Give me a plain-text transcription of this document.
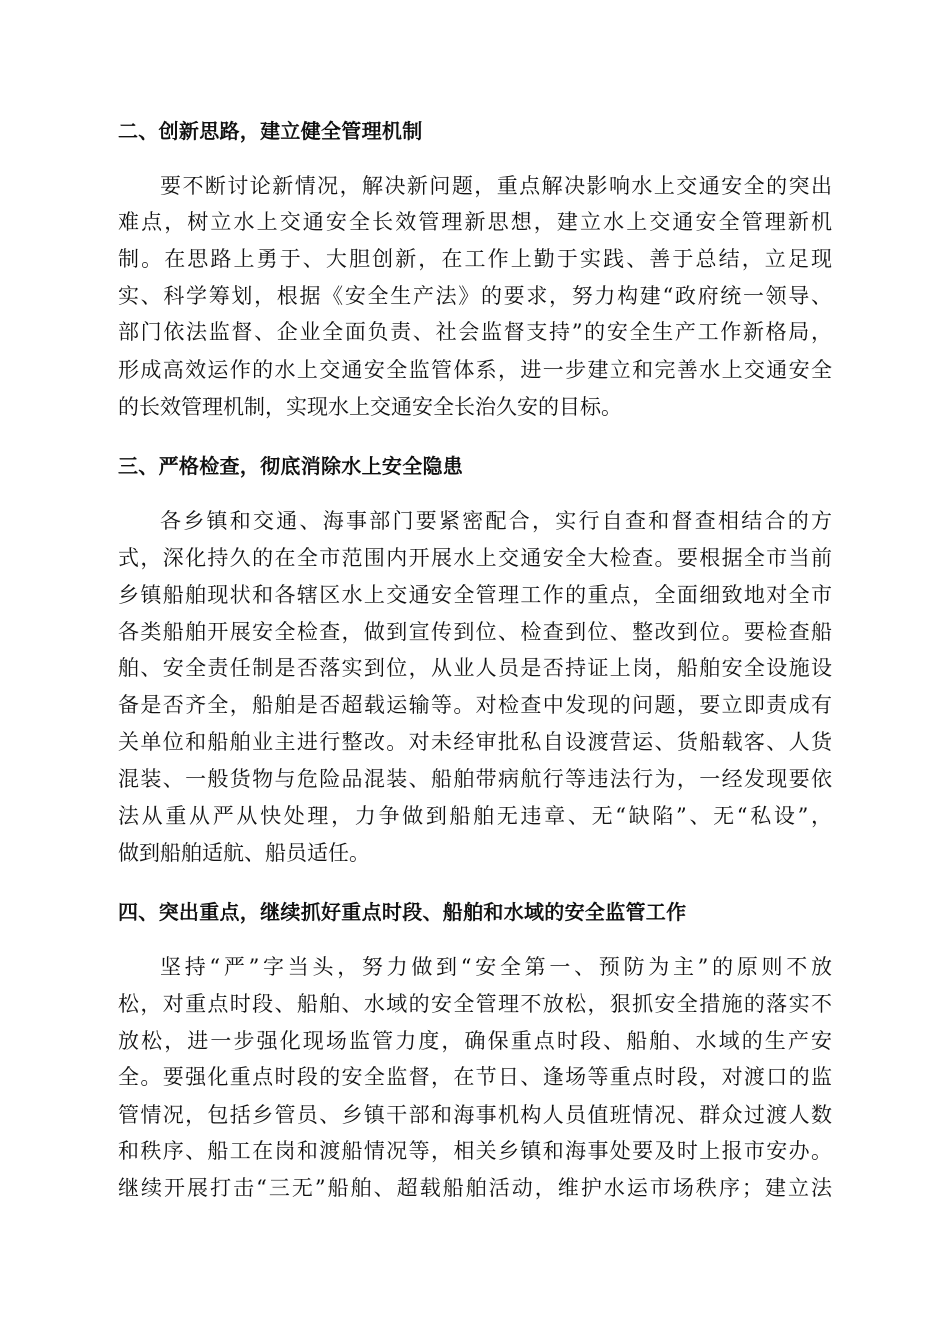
二、创新思路，建立健全管理机制
要不断讨论新情况，解决新问题，重点解决影响水上交通安全的突出
难点，树立水上交通安全长效管理新思想，建立水上交通安全管理新机
制。在思路上勇于、大胆创新，在工作上勤于实践、善于总结，立足现
实、科学筹划，根据《安全生产法》的要求，努力构建“政府统一领导、
部门依法监督、企业全面负责、社会监督支持”的安全生产工作新格局，
形成高效运作的水上交通安全监管体系，进一步建立和完善水上交通安全
的长效管理机制，实现水上交通安全长治久安的目标。
三、严格检查，彻底消除水上安全隐患
各乡镇和交通、海事部门要紧密配合，实行自查和督查相结合的方
式，深化持久的在全市范围内开展水上交通安全大检查。要根据全市当前
乡镇船舶现状和各辖区水上交通安全管理工作的重点，全面细致地对全市
各类船舶开展安全检查，做到宣传到位、检查到位、整改到位。要检查船
舶、安全责任制是否落实到位，从业人员是否持证上岗，船舶安全设施设
备是否齐全，船舶是否超载运输等。对检查中发现的问题，要立即责成有
关单位和船舶业主进行整改。对未经审批私自设渡营运、货船载客、人货
混装、一般货物与危险品混装、船舶带病航行等违法行为，一经发现要依
法从重从严从快处理，力争做到船舶无违章、无“缺陷”、无“私设”，
做到船舶适航、船员适任。
四、突出重点，继续抓好重点时段、船舶和水域的安全监管工作
坚持“严”字当头，努力做到“安全第一、预防为主”的原则不放
松，对重点时段、船舶、水域的安全管理不放松，狠抓安全措施的落实不
放松，进一步强化现场监管力度，确保重点时段、船舶、水域的生产安
全。要强化重点时段的安全监督，在节日、逢场等重点时段，对渡口的监
管情况，包括乡管员、乡镇干部和海事机构人员值班情况、群众过渡人数
和秩序、船工在岗和渡船情况等，相关乡镇和海事处要及时上报市安办。
继续开展打击“三无”船舶、超载船舶活动，维护水运市场秩序；建立法
